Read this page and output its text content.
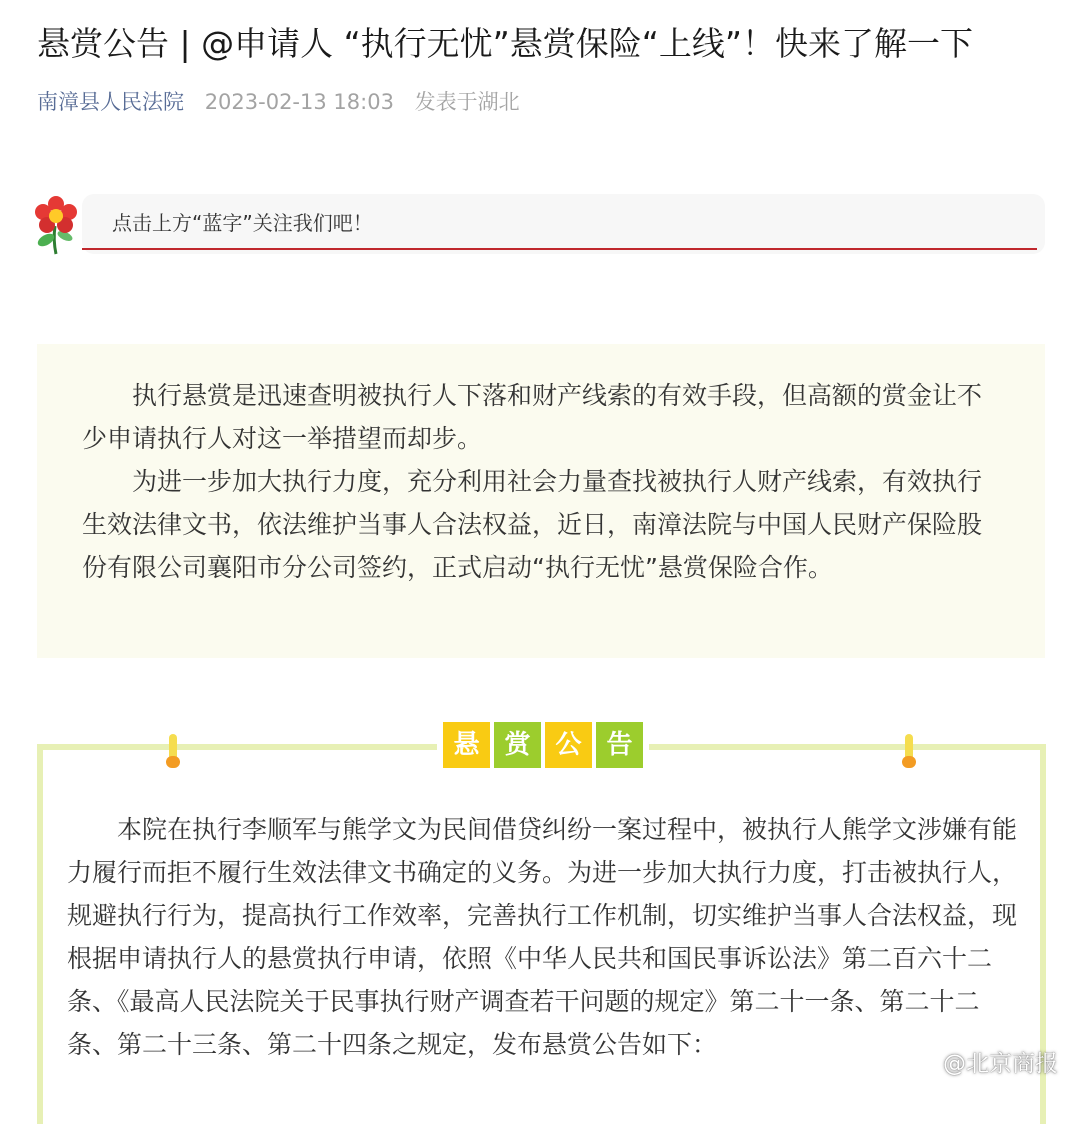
悬赏公告 | @申请人 “执行无忧”悬赏保险“上线”！快来了解一下
南漳县人民法院 2023-02-13 18:03 发表于湖北
点击上方“蓝字”关注我们吧！

执行悬赏是迅速查明被执行人下落和财产线索的有效手段，但高额的赏金让不少申请执行人对这一举措望而却步。

为进一步加大执行力度，充分利用社会力量查找被执行人财产线索，有效执行生效法律文书，依法维护当事人合法权益，近日，南漳法院与中国人民财产保险股份有限公司襄阳市分公司签约，正式启动“执行无忧”悬赏保险合作。

悬 赏 公 告

本院在执行李顺军与熊学文为民间借贷纠纷一案过程中，被执行人熊学文涉嫌有能力履行而拒不履行生效法律文书确定的义务。为进一步加大执行力度，打击被执行人，规避执行行为，提高执行工作效率，完善执行工作机制，切实维护当事人合法权益，现根据申请执行人的悬赏执行申请，依照《中华人民共和国民事诉讼法》第二百六十二条、《最高人民法院关于民事执行财产调查若干问题的规定》第二十一条、第二十二条、第二十三条、第二十四条之规定，发布悬赏公告如下：

@北京商报
